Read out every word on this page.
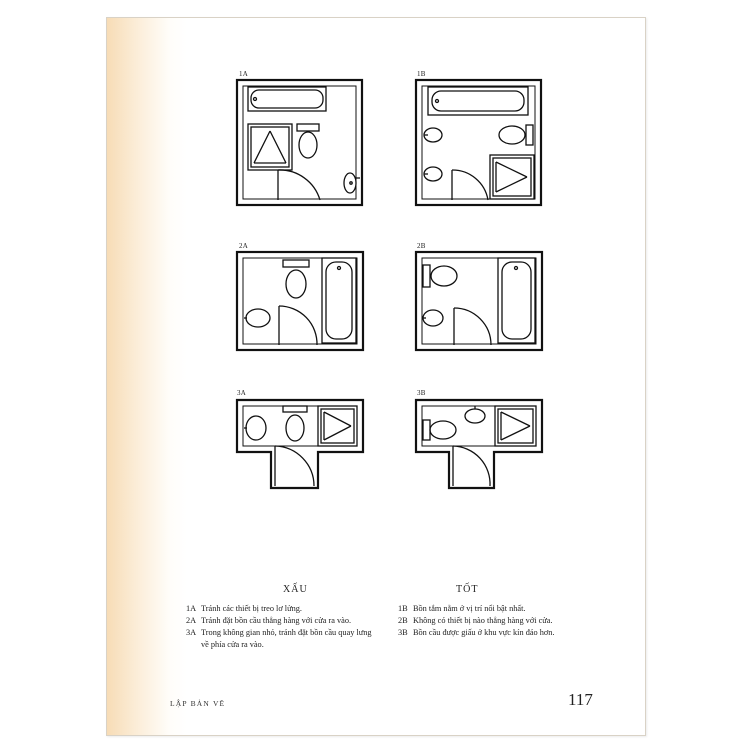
1A	1B
2A	2B
3A	3B
XẤU	TỐT
1A Tránh các thiết bị treo lơ lửng.
2A Tránh đặt bồn cầu thẳng hàng với cửa ra vào.
3A Trong không gian nhỏ, tránh đặt bồn cầu quay lưng về phía cửa ra vào.
1B Bồn tắm nằm ở vị trí nổi bật nhất.
2B Không có thiết bị nào thẳng hàng với cửa.
3B Bồn cầu được giấu ở khu vực kín đáo hơn.
LẬP BẢN VẼ	117
